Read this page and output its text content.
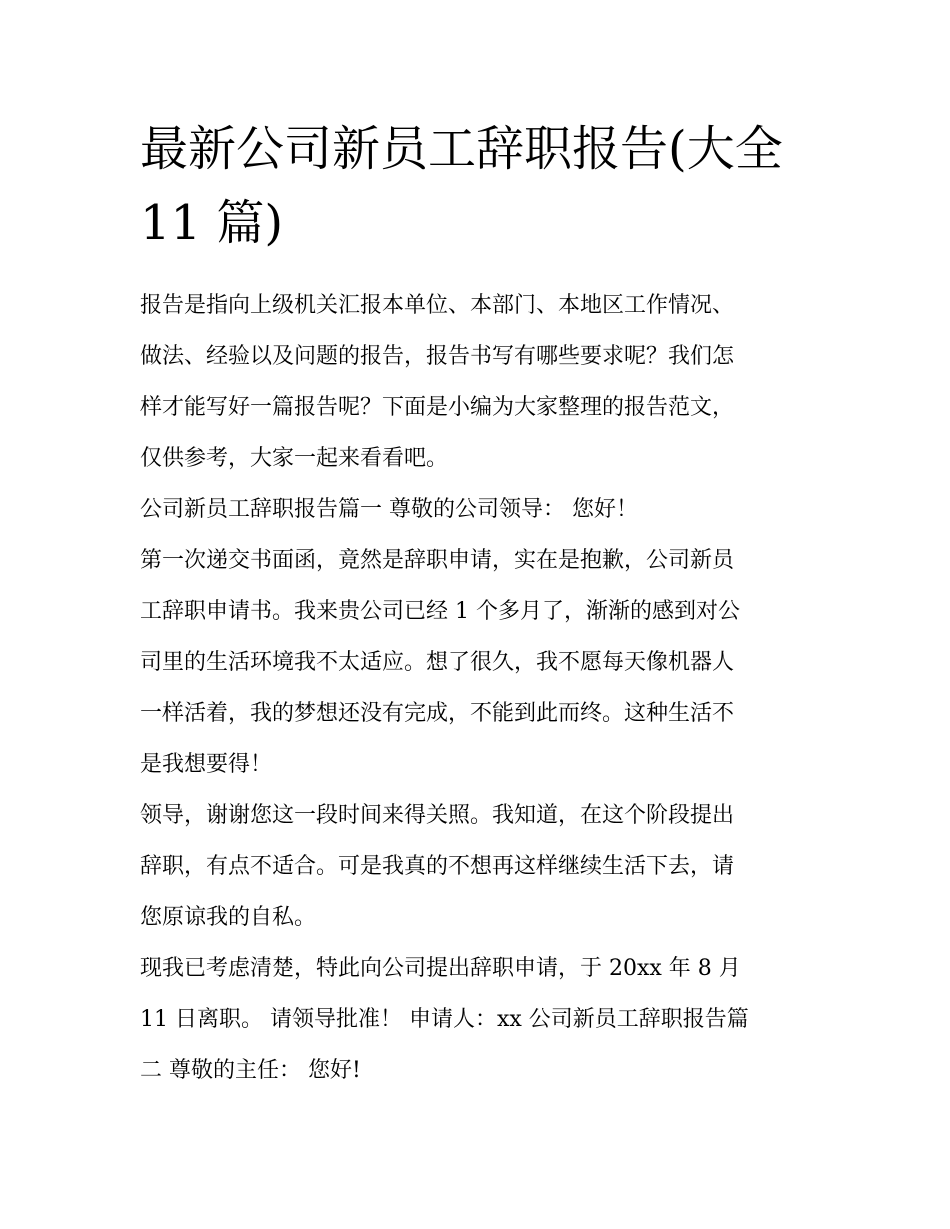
最新公司新员工辞职报告(大全
11 篇)

报告是指向上级机关汇报本单位、本部门、本地区工作情况、
做法、经验以及问题的报告，报告书写有哪些要求呢？我们怎
样才能写好一篇报告呢？下面是小编为大家整理的报告范文，
仅供参考，大家一起来看看吧。

公司新员工辞职报告篇一 尊敬的公司领导： 您好！

第一次递交书面函，竟然是辞职申请，实在是抱歉，公司新员
工辞职申请书。我来贵公司已经 1 个多月了，渐渐的感到对公
司里的生活环境我不太适应。想了很久，我不愿每天像机器人
一样活着，我的梦想还没有完成，不能到此而终。这种生活不
是我想要得！

领导，谢谢您这一段时间来得关照。我知道，在这个阶段提出
辞职，有点不适合。可是我真的不想再这样继续生活下去，请
您原谅我的自私。

现我已考虑清楚，特此向公司提出辞职申请，于 20xx 年 8 月
11 日离职。 请领导批准！ 申请人：xx 公司新员工辞职报告篇
二 尊敬的主任： 您好!
